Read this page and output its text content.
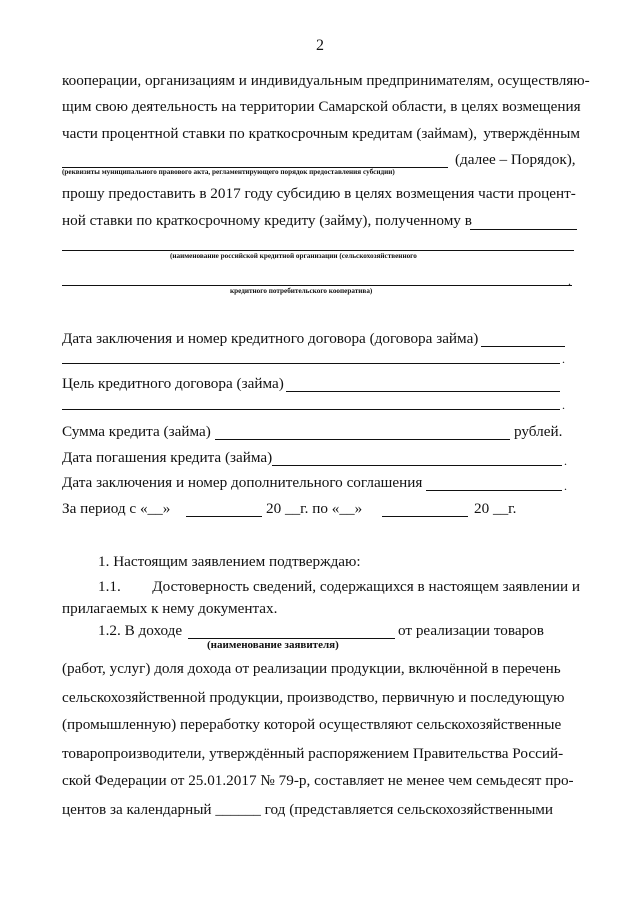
2
кооперации, организациям и индивидуальным предпринимателям, осуществляю-
щим свою деятельность на территории Самарской области, в целях возмещения
части процентной ставки по краткосрочным кредитам (займам), утверждённым
(далее – Порядок),
(реквизиты муниципального правового акта, регламентирующего порядок предоставления субсидии)
прошу предоставить в 2017 году субсидию в целях возмещения части процент-
ной ставки по краткосрочному кредиту (займу), полученному в
(наименование российской кредитной организации (сельскохозяйственного
.
кредитного потребительского кооператива)
Дата заключения и номер кредитного договора (договора займа)
.
Цель кредитного договора (займа)
.
Сумма кредита (займа)	рублей.
Дата погашения кредита (займа)	.
Дата заключения и номер дополнительного соглашения	.
За период с «__»	20 __г. по «__»	20 __г.
1. Настоящим заявлением подтверждаю:
1.1. Достоверность сведений, содержащихся в настоящем заявлении и
прилагаемых к нему документах.
1.2. В доходе	от реализации товаров
(наименование заявителя)
(работ, услуг) доля дохода от реализации продукции, включённой в перечень
сельскохозяйственной продукции, производство, первичную и последующую
(промышленную) переработку которой осуществляют сельскохозяйственные
товаропроизводители, утверждённый распоряжением Правительства Россий-
ской Федерации от 25.01.2017 № 79-р, составляет не менее чем семьдесят про-
центов за календарный ______ год (представляется сельскохозяйственными
